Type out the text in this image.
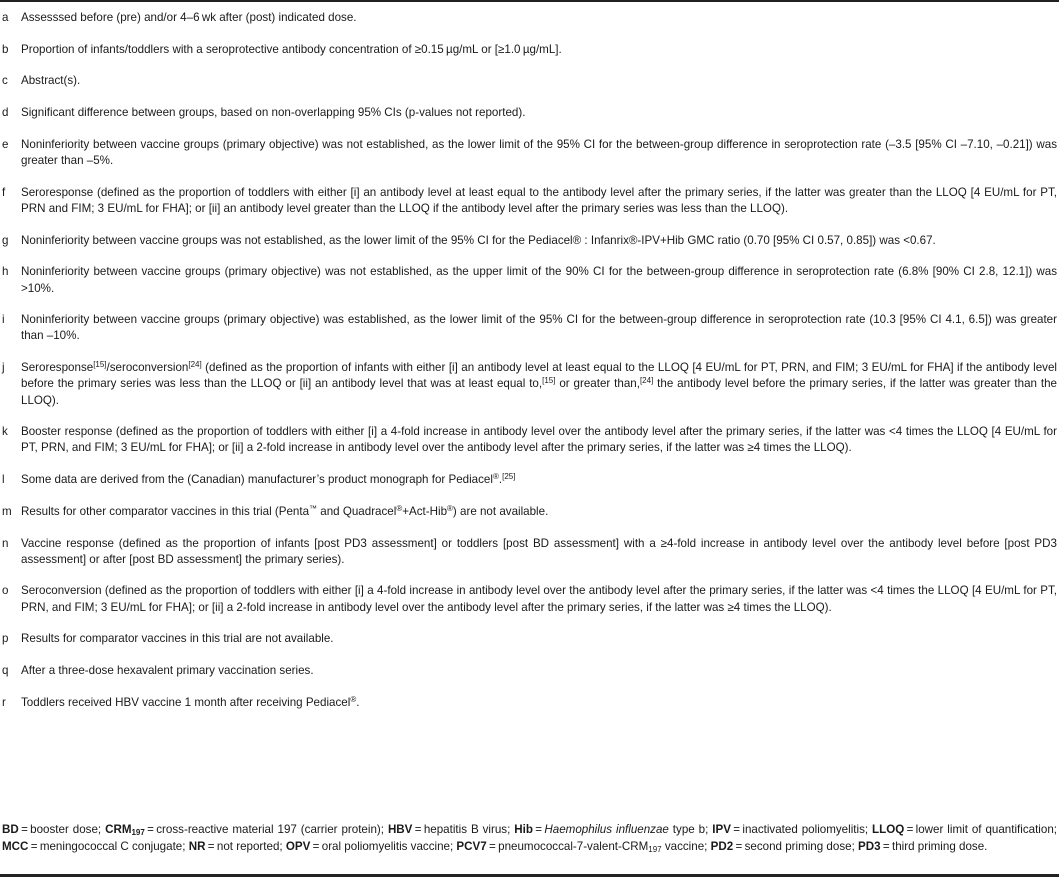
a	Assesssed before (pre) and/or 4–6 wk after (post) indicated dose.
b	Proportion of infants/toddlers with a seroprotective antibody concentration of ≥0.15 µg/mL or [≥1.0 µg/mL].
c	Abstract(s).
d	Significant difference between groups, based on non-overlapping 95% CIs (p-values not reported).
e	Noninferiority between vaccine groups (primary objective) was not established, as the lower limit of the 95% CI for the between-group difference in seroprotection rate (–3.5 [95% CI –7.10, –0.21]) was greater than –5%.
f	Seroresponse (defined as the proportion of toddlers with either [i] an antibody level at least equal to the antibody level after the primary series, if the latter was greater than the LLOQ [4 EU/mL for PT, PRN and FIM; 3 EU/mL for FHA]; or [ii] an antibody level greater than the LLOQ if the antibody level after the primary series was less than the LLOQ).
g	Noninferiority between vaccine groups was not established, as the lower limit of the 95% CI for the Pediacel® : Infanrix®-IPV+Hib GMC ratio (0.70 [95% CI 0.57, 0.85]) was <0.67.
h	Noninferiority between vaccine groups (primary objective) was not established, as the upper limit of the 90% CI for the between-group difference in seroprotection rate (6.8% [90% CI 2.8, 12.1]) was >10%.
i	Noninferiority between vaccine groups (primary objective) was established, as the lower limit of the 95% CI for the between-group difference in seroprotection rate (10.3 [95% CI 4.1, 6.5]) was greater than –10%.
j	Seroresponse[15]/seroconversion[24] (defined as the proportion of infants with either [i] an antibody level at least equal to the LLOQ [4 EU/mL for PT, PRN, and FIM; 3 EU/mL for FHA] if the antibody level before the primary series was less than the LLOQ or [ii] an antibody level that was at least equal to,[15] or greater than,[24] the antibody level before the primary series, if the latter was greater than the LLOQ).
k	Booster response (defined as the proportion of toddlers with either [i] a 4-fold increase in antibody level over the antibody level after the primary series, if the latter was <4 times the LLOQ [4 EU/mL for PT, PRN, and FIM; 3 EU/mL for FHA]; or [ii] a 2-fold increase in antibody level over the antibody level after the primary series, if the latter was ≥4 times the LLOQ).
l	Some data are derived from the (Canadian) manufacturer’s product monograph for Pediacel®.[25]
m Results for other comparator vaccines in this trial (Penta™ and Quadracel®+Act-Hib®) are not available.
n	Vaccine response (defined as the proportion of infants [post PD3 assessment] or toddlers [post BD assessment] with a ≥4-fold increase in antibody level over the antibody level before [post PD3 assessment] or after [post BD assessment] the primary series).
o	Seroconversion (defined as the proportion of toddlers with either [i] a 4-fold increase in antibody level over the antibody level after the primary series, if the latter was <4 times the LLOQ [4 EU/mL for PT, PRN, and FIM; 3 EU/mL for FHA]; or [ii] a 2-fold increase in antibody level over the antibody level after the primary series, if the latter was ≥4 times the LLOQ).
p	Results for comparator vaccines in this trial are not available.
q	After a three-dose hexavalent primary vaccination series.
r	Toddlers received HBV vaccine 1 month after receiving Pediacel®.
BD = booster dose; $CRM_{197}$ = cross-reactive material 197 (carrier protein); HBV = hepatitis B virus; Hib = Haemophilus influenzae type b; IPV = inactivated poliomyelitis; LLOQ = lower limit of quantification; MCC = meningococcal C conjugate; NR = not reported; OPV = oral poliomyelitis vaccine; PCV7 = pneumococcal-$7-valent-CRM_{197}$ vaccine; PD2 = second priming dose; PD3 = third priming dose.
